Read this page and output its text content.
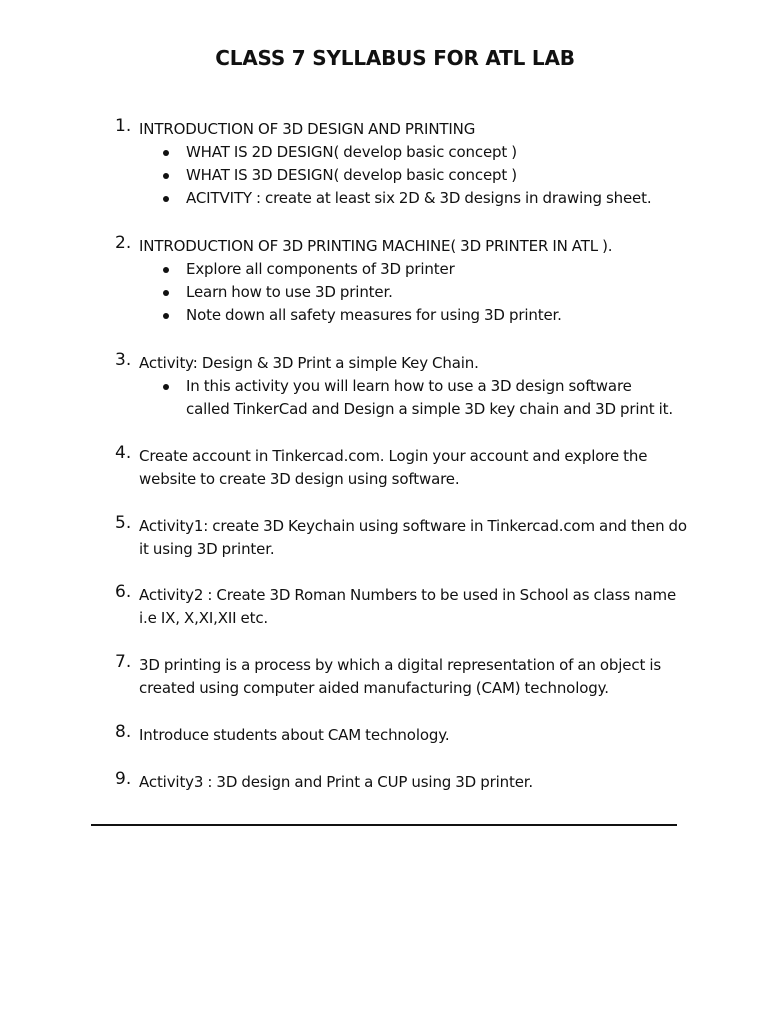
CLASS 7 SYLLABUS FOR ATL LAB
1. INTRODUCTION OF 3D DESIGN AND PRINTING
WHAT IS 2D DESIGN( develop basic concept )
WHAT IS 3D DESIGN( develop basic concept )
ACITVITY : create at least six 2D & 3D designs in drawing sheet.
2. INTRODUCTION OF 3D PRINTING MACHINE( 3D PRINTER IN ATL ).
Explore all components of 3D printer
Learn how to use 3D printer.
Note down all safety measures for using 3D printer.
3. Activity: Design & 3D Print a simple Key Chain.
In this activity you will learn how to use a 3D design software called TinkerCad and Design a simple 3D key chain and 3D print it.
4. Create account in Tinkercad.com. Login your account and explore the website to create 3D design using software.
5. Activity1: create 3D Keychain using software in Tinkercad.com and then do it using 3D printer.
6. Activity2 : Create 3D Roman Numbers to be used in School as class name i.e IX, X,XI,XII etc.
7. 3D printing is a process by which a digital representation of an object is created using computer aided manufacturing (CAM) technology.
8. Introduce students about CAM technology.
9. Activity3 : 3D design and Print a CUP using 3D printer.
